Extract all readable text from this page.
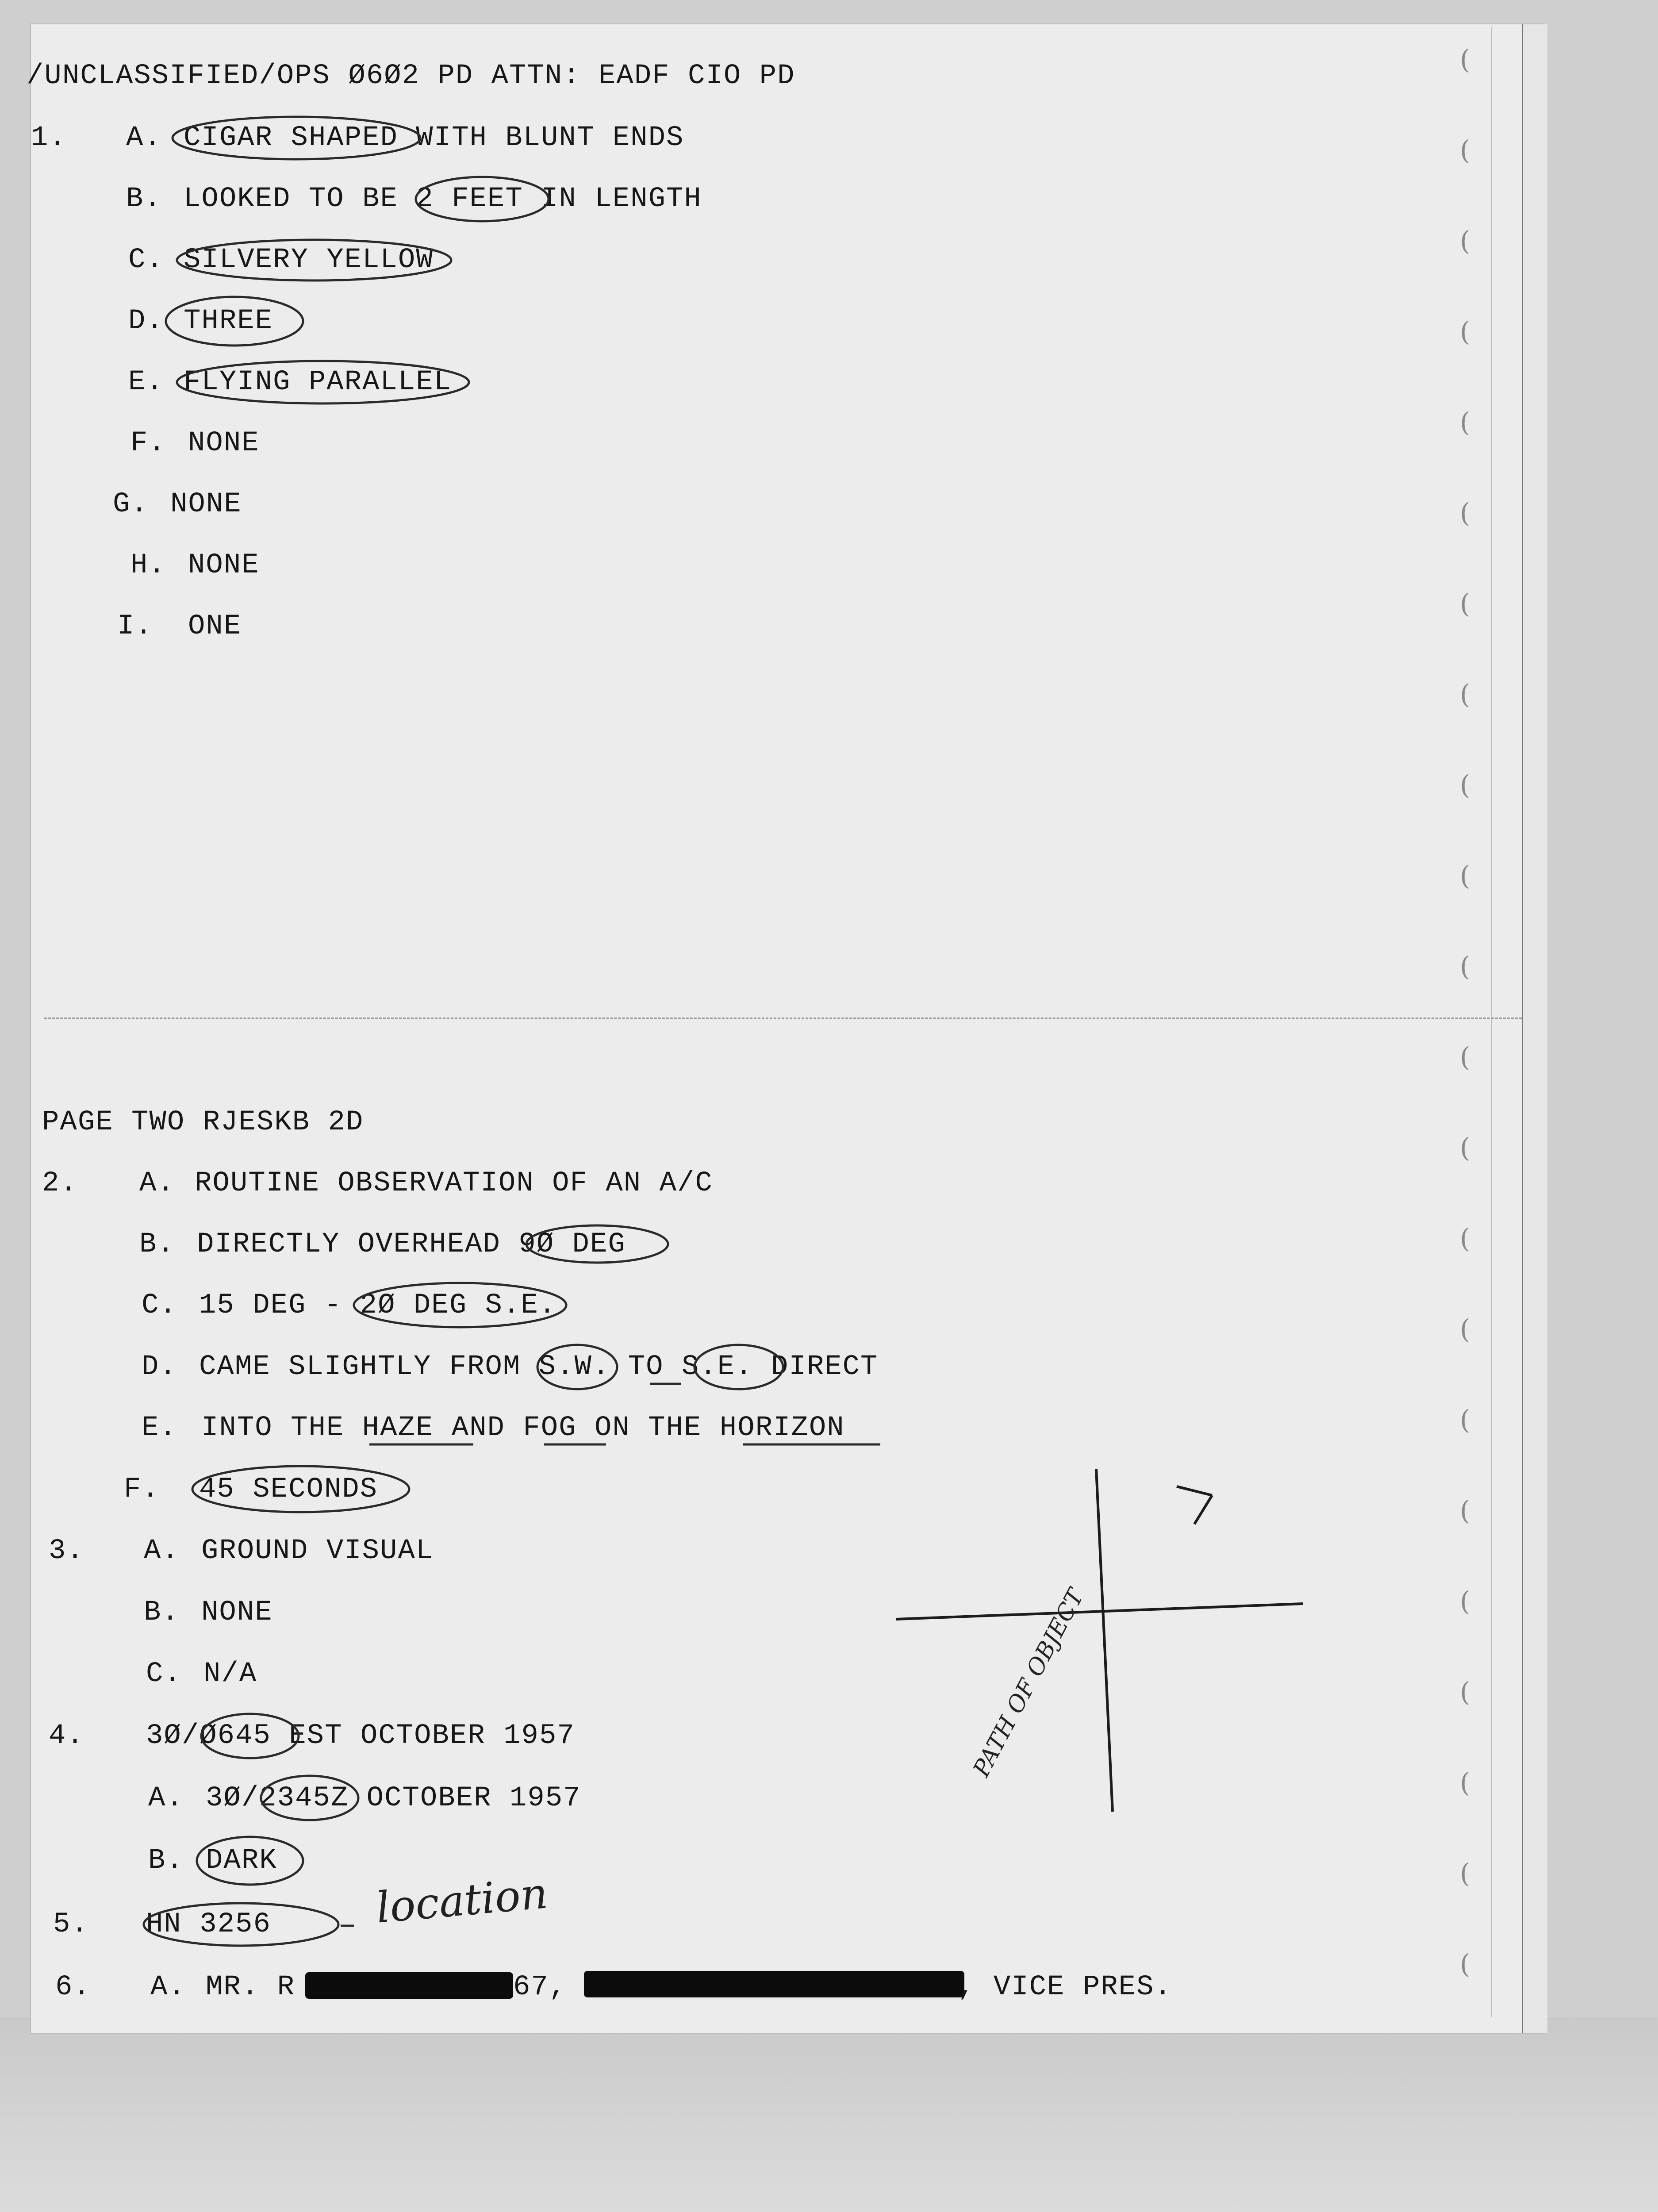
(
(
(
(
(
(
(
(
(
(
(
(
(
(
(
(
(
(
(
(
(
(
/UNCLASSIFIED/OPS Ø6Ø2 PD ATTN: EADF CIO PD
1. A. CIGAR SHAPED WITH BLUNT ENDS
B. LOOKED TO BE 2 FEET IN LENGTH
C. SILVERY YELLOW
D. THREE
E. FLYING PARALLEL
F. NONE
G. NONE
H. NONE
I. ONE
PAGE TWO RJESKB 2D
2. A. ROUTINE OBSERVATION OF AN A/C
B. DIRECTLY OVERHEAD 9Ø DEG
C. 15 DEG - 2Ø DEG S.E.
D. CAME SLIGHTLY FROM S.W. TO S.E. DIRECT
E. INTO THE HAZE AND FOG ON THE HORIZON
F. 45 SECONDS
3. A. GROUND VISUAL
B. NONE
C. N/A
4. 3Ø/Ø645 EST OCTOBER 1957
A. 3Ø/2345Z OCTOBER 1957
B. DARK
5. HN 3256 location
6. A. MR. R	67,	, VICE PRES.
PATH OF OBJECT
